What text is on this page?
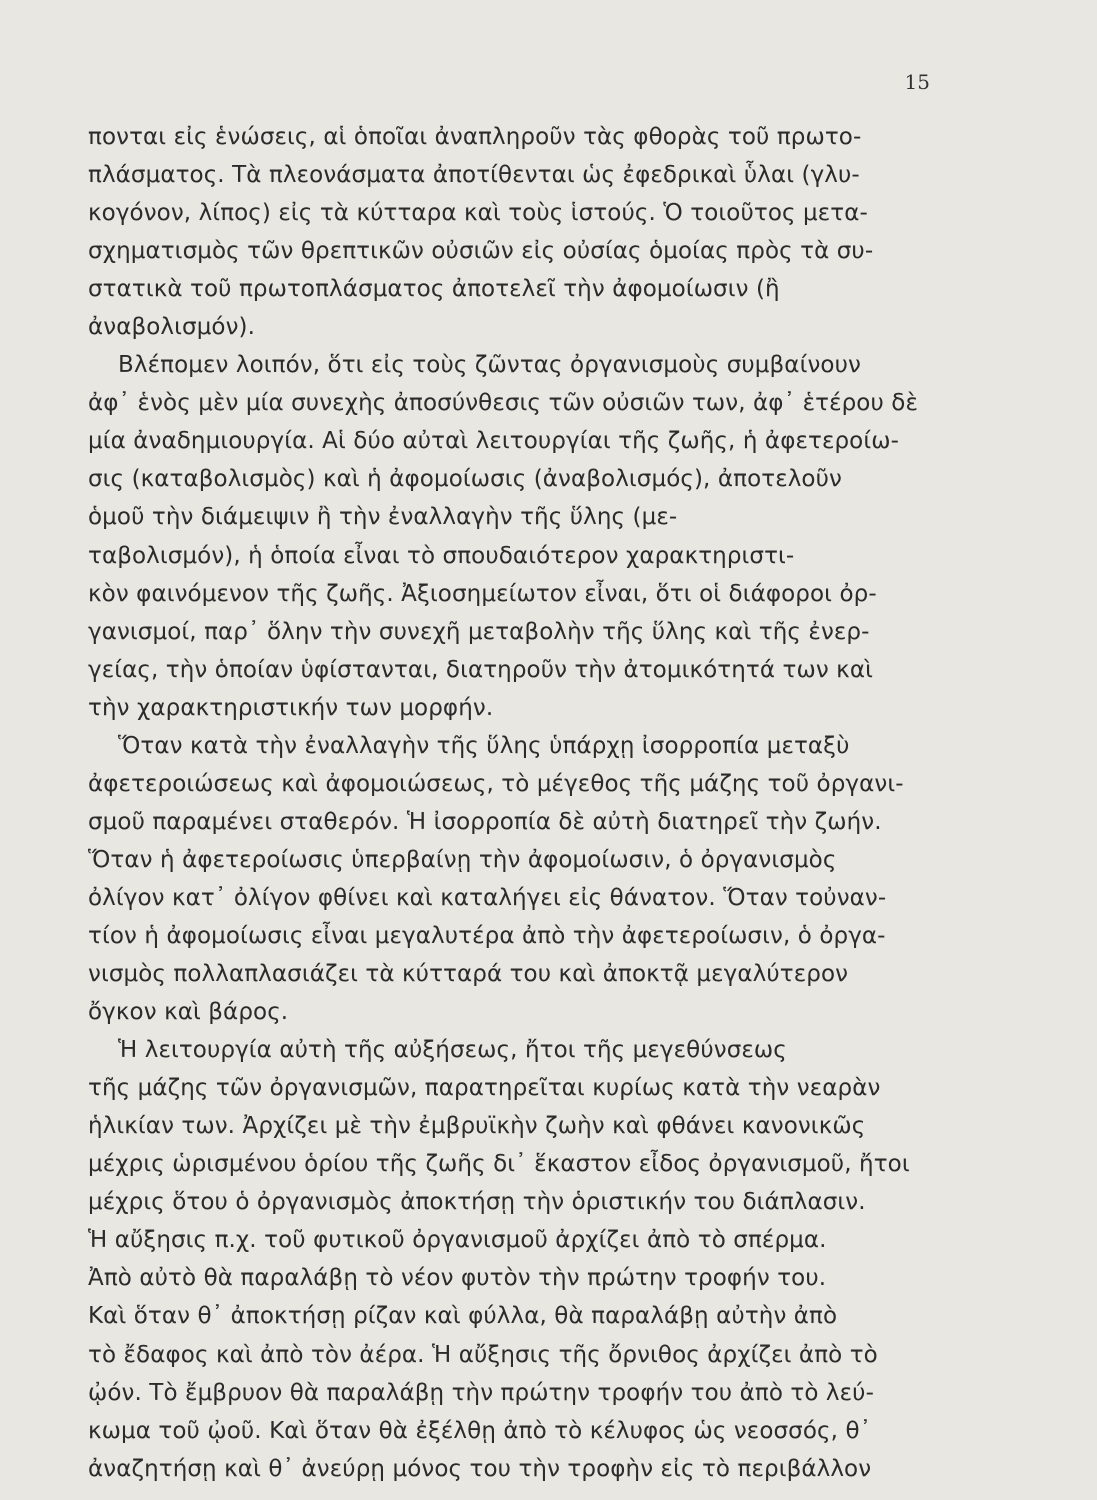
15
πονται εἰς ἑνώσεις, αἱ ὁποῖαι ἀναπληροῦν τὰς φθορὰς τοῦ πρωτο-
πλάσματος. Τὰ πλεονάσματα ἀποτίθενται ὡς ἐφεδρικαὶ ὗλαι (γλυ-
κογόνον, λίπος) εἰς τὰ κύτταρα καὶ τοὺς ἱστούς. Ὁ τοιοῦτος μετα-
σχηματισμὸς τῶν θρεπτικῶν οὐσιῶν εἰς οὐσίας ὁμοίας πρὸς τὰ συ-
στατικὰ τοῦ πρωτοπλάσματος ἀποτελεῖ τὴν ἀφομοίωσιν (ἢ
ἀναβολισμόν).
Βλέπομεν λοιπόν, ὅτι εἰς τοὺς ζῶντας ὀργανισμοὺς συμβαίνουν
ἀφ᾽ ἑνὸς μὲν μία συνεχὴς ἀποσύνθεσις τῶν οὐσιῶν των, ἀφ᾽ ἑτέρου δὲ
μία ἀναδημιουργία. Αἱ δύο αὐταὶ λειτουργίαι τῆς ζωῆς, ἡ ἀφετεροίω-
σις (καταβολισμὸς) καὶ ἡ ἀφομοίωσις (ἀναβολισμός), ἀποτελοῦν
ὁμοῦ τὴν διάμειψιν ἢ τὴν ἐναλλαγὴν τῆς ὕλης (με-
ταβολισμόν), ἡ ὁποία εἶναι τὸ σπουδαιότερον χαρακτηριστι-
κὸν φαινόμενον τῆς ζωῆς. Ἀξιοσημείωτον εἶναι, ὅτι οἱ διάφοροι ὀρ-
γανισμοί, παρ᾽ ὅλην τὴν συνεχῆ μεταβολὴν τῆς ὕλης καὶ τῆς ἐνερ-
γείας, τὴν ὁποίαν ὑφίστανται, διατηροῦν τὴν ἀτομικότητά των καὶ
τὴν χαρακτηριστικήν των μορφήν.
Ὅταν κατὰ τὴν ἐναλλαγὴν τῆς ὕλης ὑπάρχῃ ἰσορροπία μεταξὺ
ἀφετεροιώσεως καὶ ἀφομοιώσεως, τὸ μέγεθος τῆς μάζης τοῦ ὀργανι-
σμοῦ παραμένει σταθερόν. Ἡ ἰσορροπία δὲ αὐτὴ διατηρεῖ τὴν ζωήν.
Ὅταν ἡ ἀφετεροίωσις ὑπερβαίνῃ τὴν ἀφομοίωσιν, ὁ ὀργανισμὸς
ὀλίγον κατ᾽ ὀλίγον φθίνει καὶ καταλήγει εἰς θάνατον. Ὅταν τοὐναν-
τίον ἡ ἀφομοίωσις εἶναι μεγαλυτέρα ἀπὸ τὴν ἀφετεροίωσιν, ὁ ὀργα-
νισμὸς πολλαπλασιάζει τὰ κύτταρά του καὶ ἀποκτᾷ μεγαλύτερον
ὄγκον καὶ βάρος.
Ἡ λειτουργία αὐτὴ τῆς αὐξήσεως, ἤτοι τῆς μεγεθύνσεως
τῆς μάζης τῶν ὀργανισμῶν, παρατηρεῖται κυρίως κατὰ τὴν νεαρὰν
ἡλικίαν των. Ἀρχίζει μὲ τὴν ἐμβρυϊκὴν ζωὴν καὶ φθάνει κανονικῶς
μέχρις ὡρισμένου ὁρίου τῆς ζωῆς δι᾽ ἕκαστον εἶδος ὀργανισμοῦ, ἤτοι
μέχρις ὅτου ὁ ὀργανισμὸς ἀποκτήσῃ τὴν ὁριστικήν του διάπλασιν.
Ἡ αὔξησις π.χ. τοῦ φυτικοῦ ὀργανισμοῦ ἀρχίζει ἀπὸ τὸ σπέρμα.
Ἀπὸ αὐτὸ θὰ παραλάβῃ τὸ νέον φυτὸν τὴν πρώτην τροφήν του.
Καὶ ὅταν θ᾽ ἀποκτήσῃ ρίζαν καὶ φύλλα, θὰ παραλάβῃ αὐτὴν ἀπὸ
τὸ ἔδαφος καὶ ἀπὸ τὸν ἀέρα. Ἡ αὔξησις τῆς ὄρνιθος ἀρχίζει ἀπὸ τὸ
ᾠόν. Τὸ ἔμβρυον θὰ παραλάβῃ τὴν πρώτην τροφήν του ἀπὸ τὸ λεύ-
κωμα τοῦ ᾠοῦ. Καὶ ὅταν θὰ ἐξέλθῃ ἀπὸ τὸ κέλυφος ὡς νεοσσός, θ᾽
ἀναζητήσῃ καὶ θ᾽ ἀνεύρῃ μόνος του τὴν τροφὴν εἰς τὸ περιβάλλον
